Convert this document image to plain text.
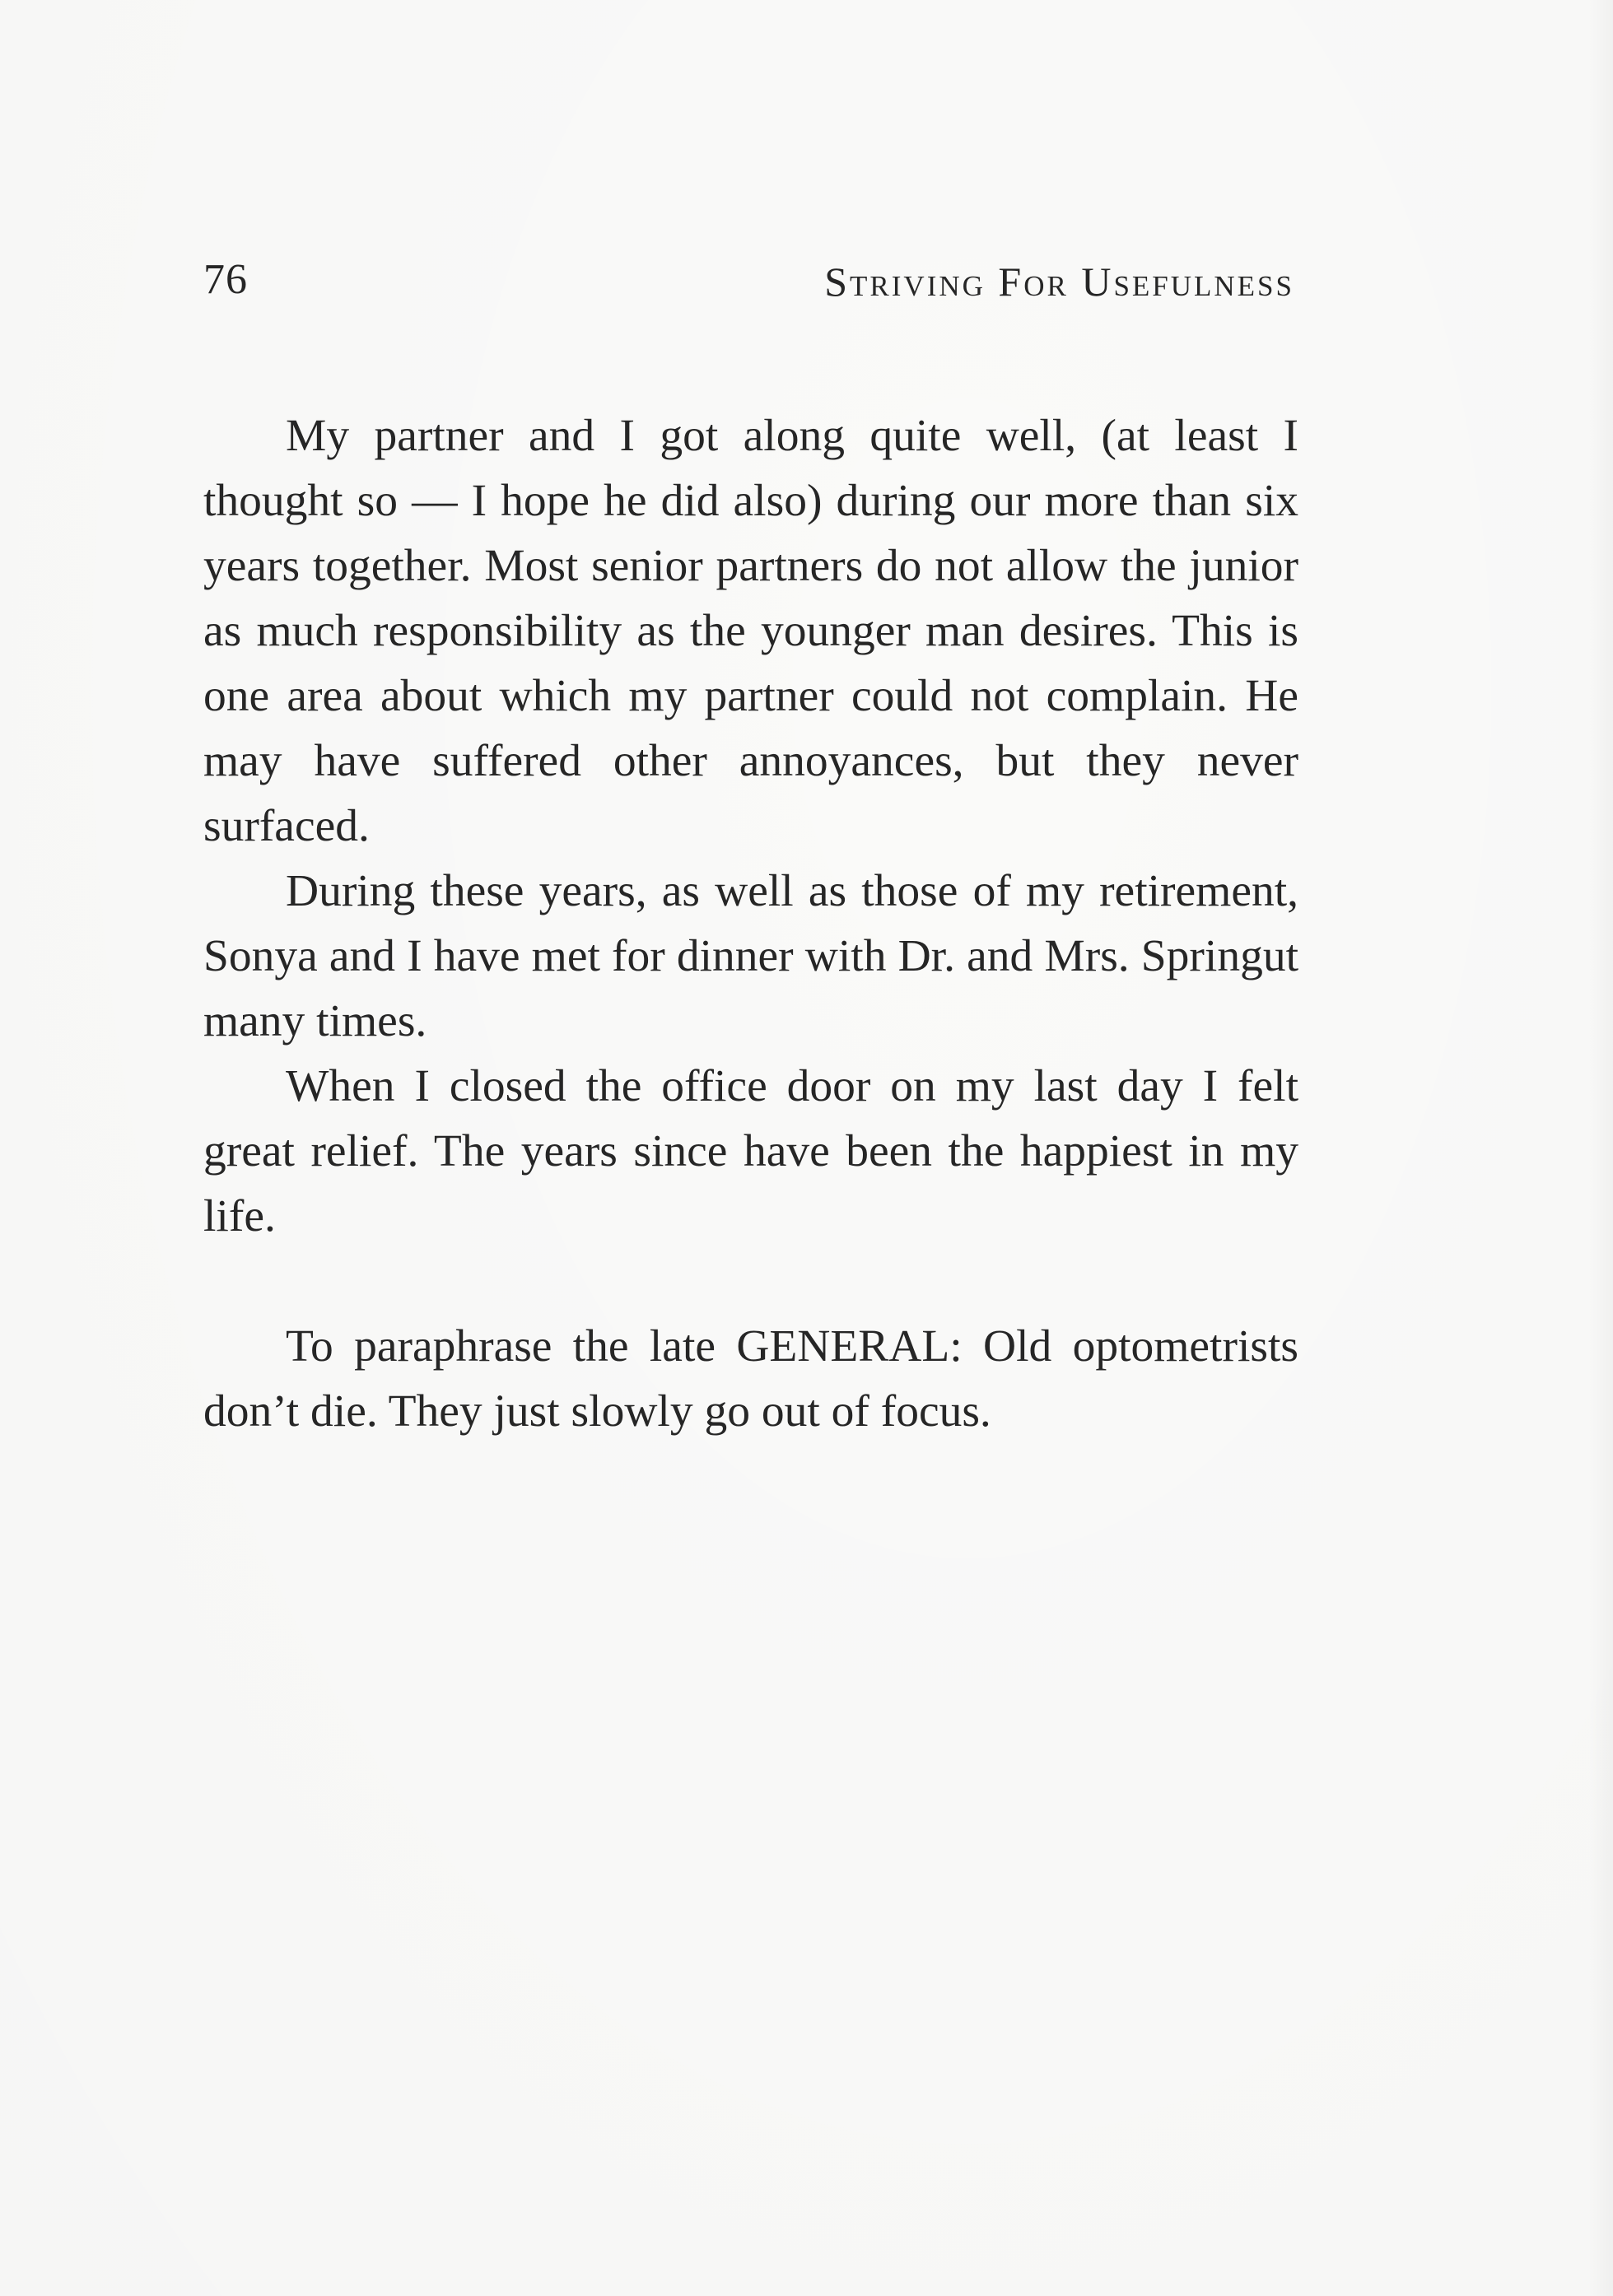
76	Striving For Usefulness

My partner and I got along quite well, (at least I thought so — I hope he did also) during our more than six years together. Most senior partners do not allow the junior as much responsibility as the younger man desires. This is one area about which my partner could not complain. He may have suffered other annoyances, but they never surfaced.

During these years, as well as those of my retirement, Sonya and I have met for dinner with Dr. and Mrs. Springut many times.

When I closed the office door on my last day I felt great relief. The years since have been the happiest in my life.

To paraphrase the late GENERAL: Old optometrists don’t die. They just slowly go out of focus.
